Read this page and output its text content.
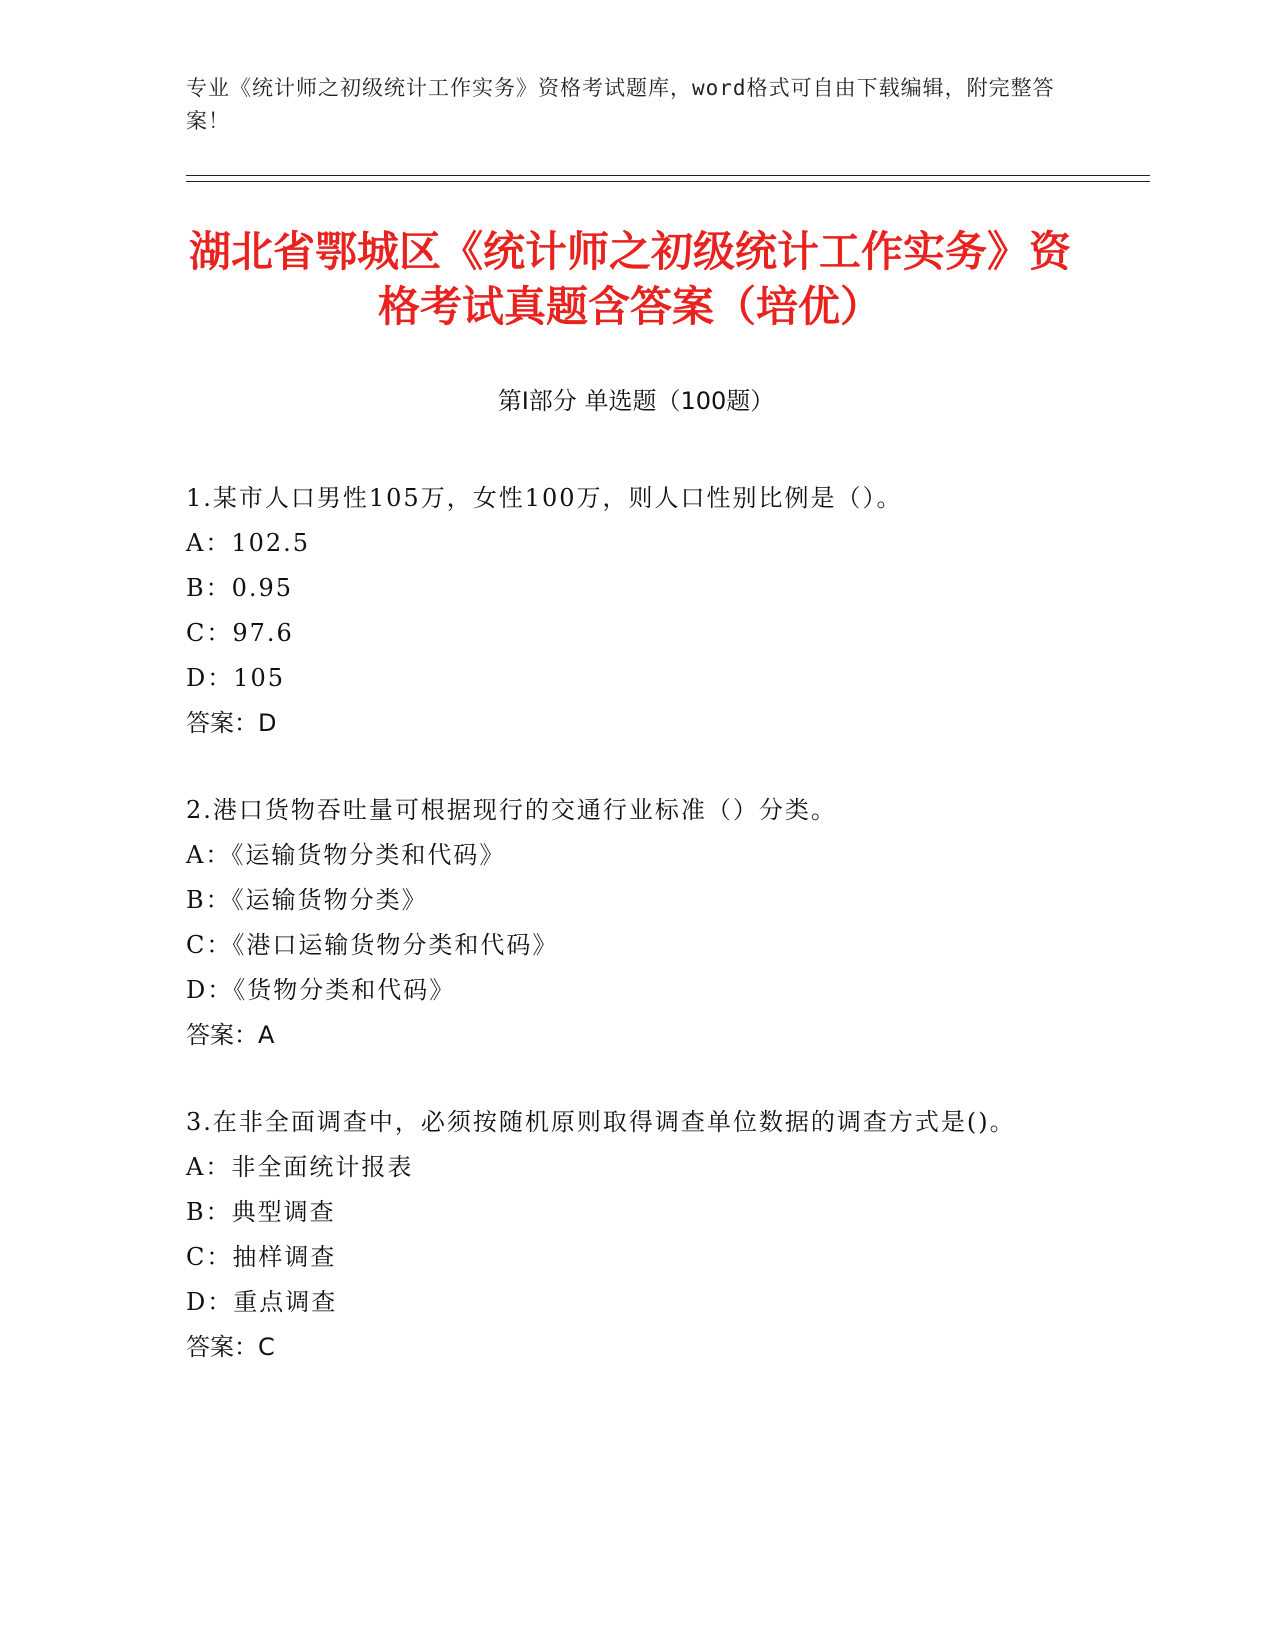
专业《统计师之初级统计工作实务》资格考试题库，word格式可自由下载编辑，附完整答案！
湖北省鄂城区《统计师之初级统计工作实务》资格考试真题含答案（培优）
第I部分 单选题（100题）
1.某市人口男性105万，女性100万，则人口性别比例是（）。
A：102.5
B：0.95
C：97.6
D：105
答案：D
2.港口货物吞吐量可根据现行的交通行业标准（）分类。
A：《运输货物分类和代码》
B：《运输货物分类》
C：《港口运输货物分类和代码》
D：《货物分类和代码》
答案：A
3.在非全面调查中，必须按随机原则取得调查单位数据的调查方式是()。
A：非全面统计报表
B：典型调查
C：抽样调查
D：重点调查
答案：C
